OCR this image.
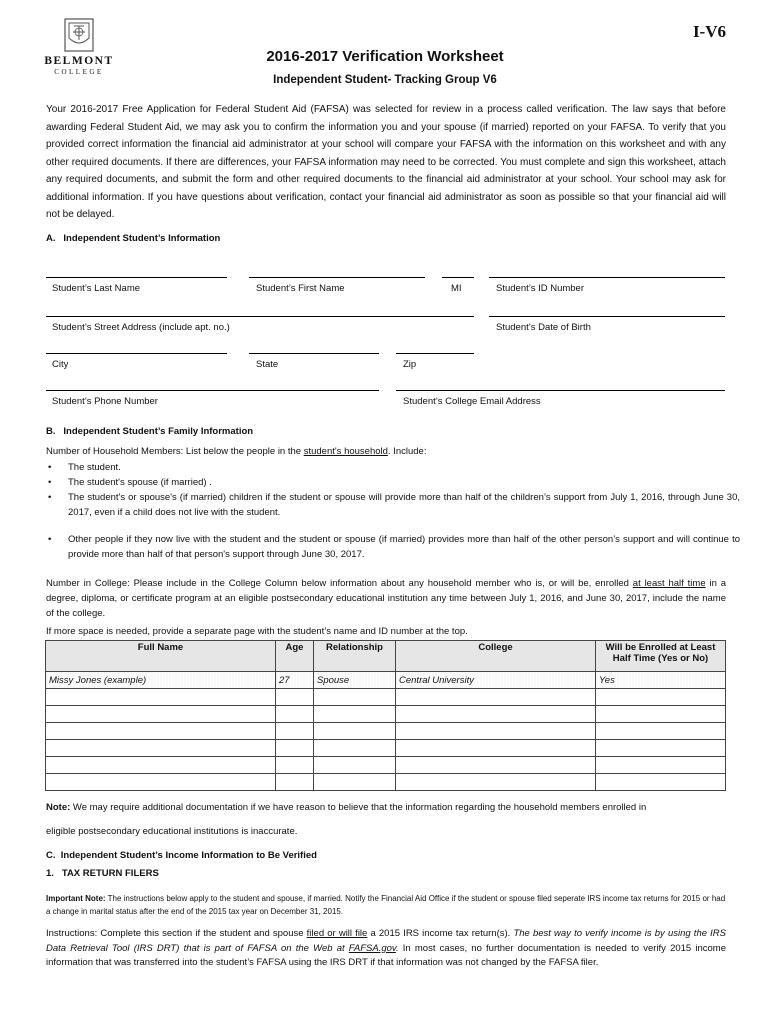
BELMONT
COLLEGE
I-V6
2016-2017 Verification Worksheet
Independent Student- Tracking Group V6
Your 2016-2017 Free Application for Federal Student Aid (FAFSA) was selected for review in a process called verification. The law says that before awarding Federal Student Aid, we may ask you to confirm the information you and your spouse (if married) reported on your FAFSA. To verify that you provided correct information the financial aid administrator at your school will compare your FAFSA with the information on this worksheet and with any other required documents. If there are differences, your FAFSA information may need to be corrected. You must complete and sign this worksheet, attach any required documents, and submit the form and other required documents to the financial aid administrator at your school. Your school may ask for additional information. If you have questions about verification, contact your financial aid administrator as soon as possible so that your financial aid will not be delayed.
A.   Independent Student’s Information
Student’s Last Name	Student’s First Name	MI	Student’s ID Number
Student’s Street Address (include apt. no.)	Student’s Date of Birth
City	State	Zip
Student’s Phone Number	Student’s College Email Address
B.   Independent Student’s Family Information
Number of Household Members: List below the people in the student's household. Include:
• The student.
• The student's spouse (if married) .
• The student's or spouse's (if married) children if the student or spouse will provide more than half of the children’s support from July 1, 2016, through June 30, 2017, even if a child does not live with the student.
• Other people if they now live with the student and the student or spouse (if married) provides more than half of the other person’s support and will continue to provide more than half of that person's support through June 30, 2017.
Number in College: Please include in the College Column below information about any household member who is, or will be, enrolled at least half time in a degree, diploma, or certificate program at an eligible postsecondary educational institution any time between July 1, 2016, and June 30, 2017, include the name of the college.
If more space is needed, provide a separate page with the student’s name and ID number at the top.
Full Name	Age	Relationship	College	Will be Enrolled at Least Half Time (Yes or No)
Missy Jones (example)	27	Spouse	Central University	Yes

Note: We may require additional documentation if we have reason to believe that the information regarding the household members enrolled in
eligible postsecondary educational institutions is inaccurate.
C.  Independent Student’s Income Information to Be Verified
1.   TAX RETURN FILERS
Important Note: The instructions below apply to the student and spouse, if married. Notify the Financial Aid Office if the student or spouse filed seperate IRS income tax returns for 2015 or had a change in marital status after the end of the 2015 tax year on December 31, 2015.
Instructions: Complete this section if the student and spouse filed or will file a 2015 IRS income tax return(s). The best way to verify income is by using the IRS Data Retrieval Tool (IRS DRT) that is part of FAFSA on the Web at FAFSA.gov. In most cases, no further documentation is needed to verify 2015 income information that was transferred into the student’s FAFSA using the IRS DRT if that information was not changed by the FAFSA filer.
